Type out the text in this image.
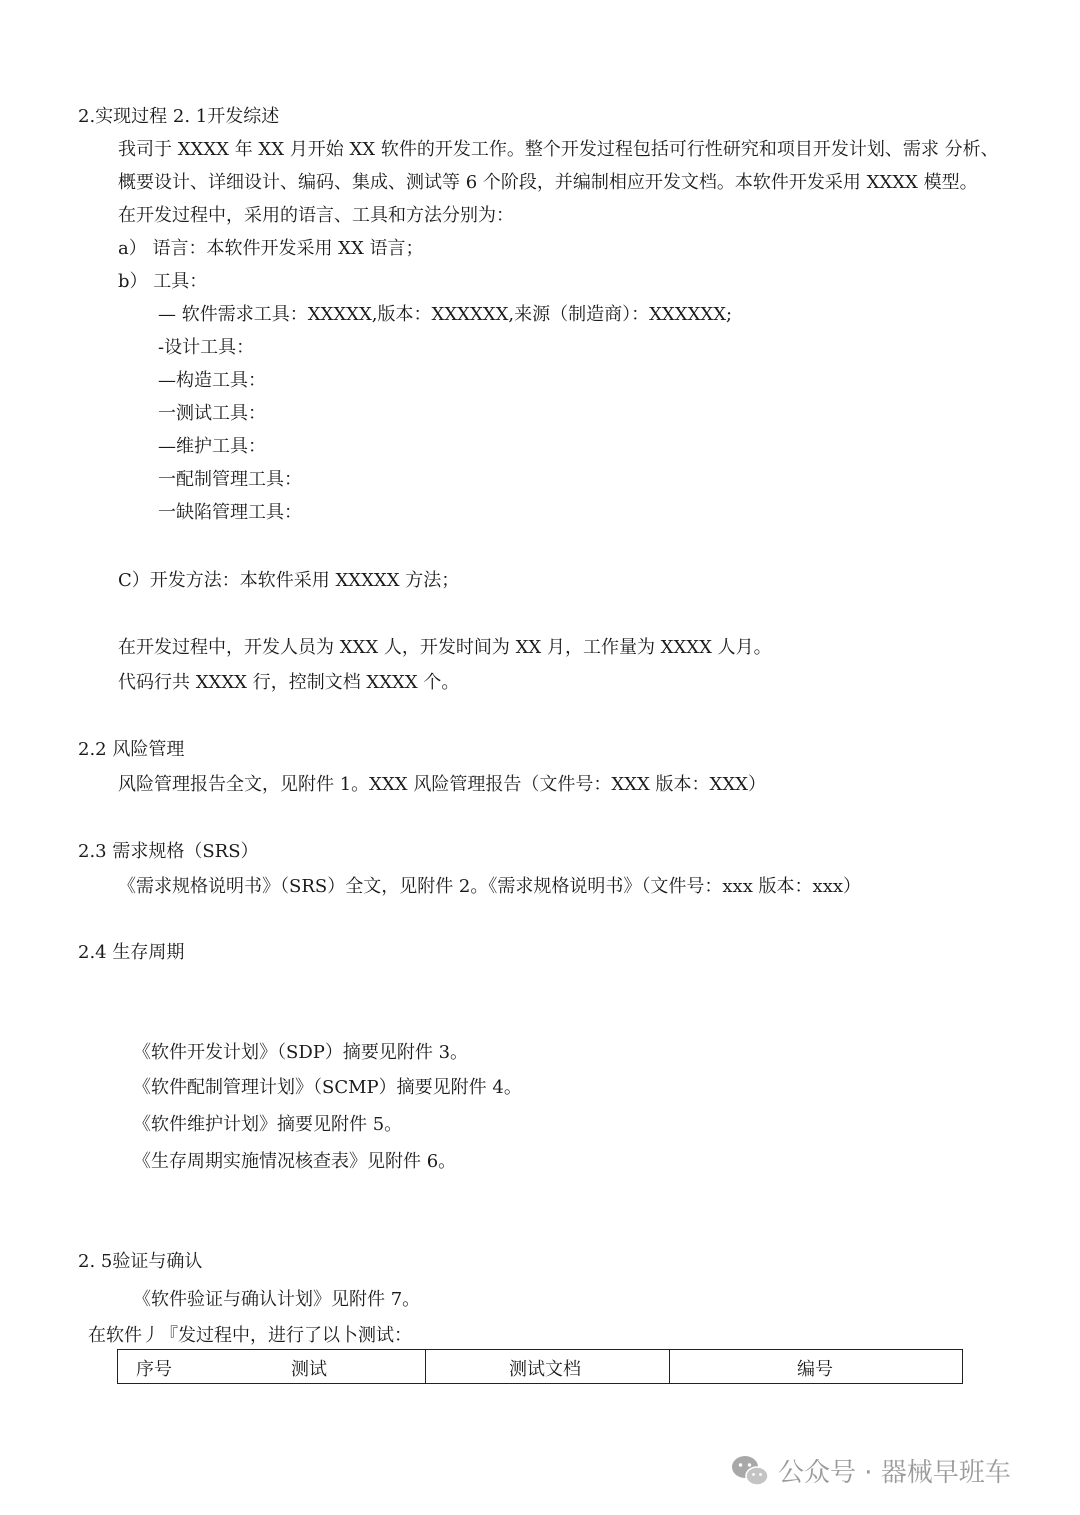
2.实现过程 2. 1开发综述
我司于 XXXX 年 XX 月开始 XX 软件的开发工作。整个开发过程包括可行性研究和项目开发计划、需求 分析、
概要设计、详细设计、编码、集成、测试等 6 个阶段，并编制相应开发文档。本软件开发采用 XXXX 模型。
在开发过程中，采用的语言、工具和方法分别为：
a） 语言：本软件开发采用 XX 语言；
b） 工具：
— 软件需求工具：XXXXX,版本：XXXXXX,来源（制造商）：XXXXXX;
-设计工具：
—构造工具：
一测试工具：
—维护工具：
一配制管理工具：
一缺陷管理工具：
C）开发方法：本软件采用 XXXXX 方法；
在开发过程中，开发人员为 XXX 人，开发时间为 XX 月，工作量为 XXXX 人月。
代码行共 XXXX 行，控制文档 XXXX 个。
2.2 风险管理
风险管理报告全文，见附件 1。XXX 风险管理报告（文件号：XXX 版本：XXX）
2.3 需求规格（SRS）
《需求规格说明书》（SRS）全文，见附件 2。《需求规格说明书》（文件号：xxx 版本：xxx）
2.4 生存周期
《软件开发计划》（SDP）摘要见附件 3。
《软件配制管理计划》（SCMP）摘要见附件 4。
《软件维护计划》摘要见附件 5。
《生存周期实施情况核查表》见附件 6。
2. 5验证与确认
《软件验证与确认计划》见附件 7。
在软件丿『发过程中，进行了以卜测试：
序号	测试	测试文档	编号
公众号 · 器械早班车
